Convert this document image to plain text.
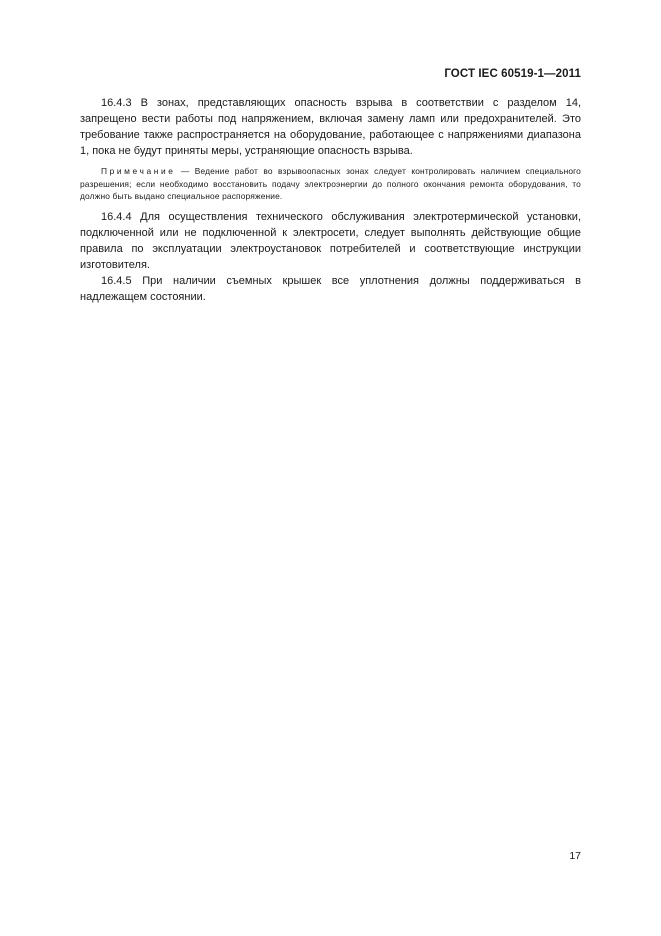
ГОСТ IEC 60519-1—2011

16.4.3 В зонах, представляющих опасность взрыва в соответствии с разделом 14, запрещено вести работы под напряжением, включая замену ламп или предохранителей. Это требование также распространяется на оборудование, работающее с напряжениями диапазона 1, пока не будут приняты меры, устраняющие опасность взрыва.

Примечание — Ведение работ во взрывоопасных зонах следует контролировать наличием специального разрешения; если необходимо восстановить подачу электроэнергии до полного окончания ремонта оборудования, то должно быть выдано специальное распоряжение.

16.4.4 Для осуществления технического обслуживания электротермической установки, подключенной или не подключенной к электросети, следует выполнять действующие общие правила по эксплуатации электроустановок потребителей и соответствующие инструкции изготовителя.

16.4.5 При наличии съемных крышек все уплотнения должны поддерживаться в надлежащем состоянии.

17
